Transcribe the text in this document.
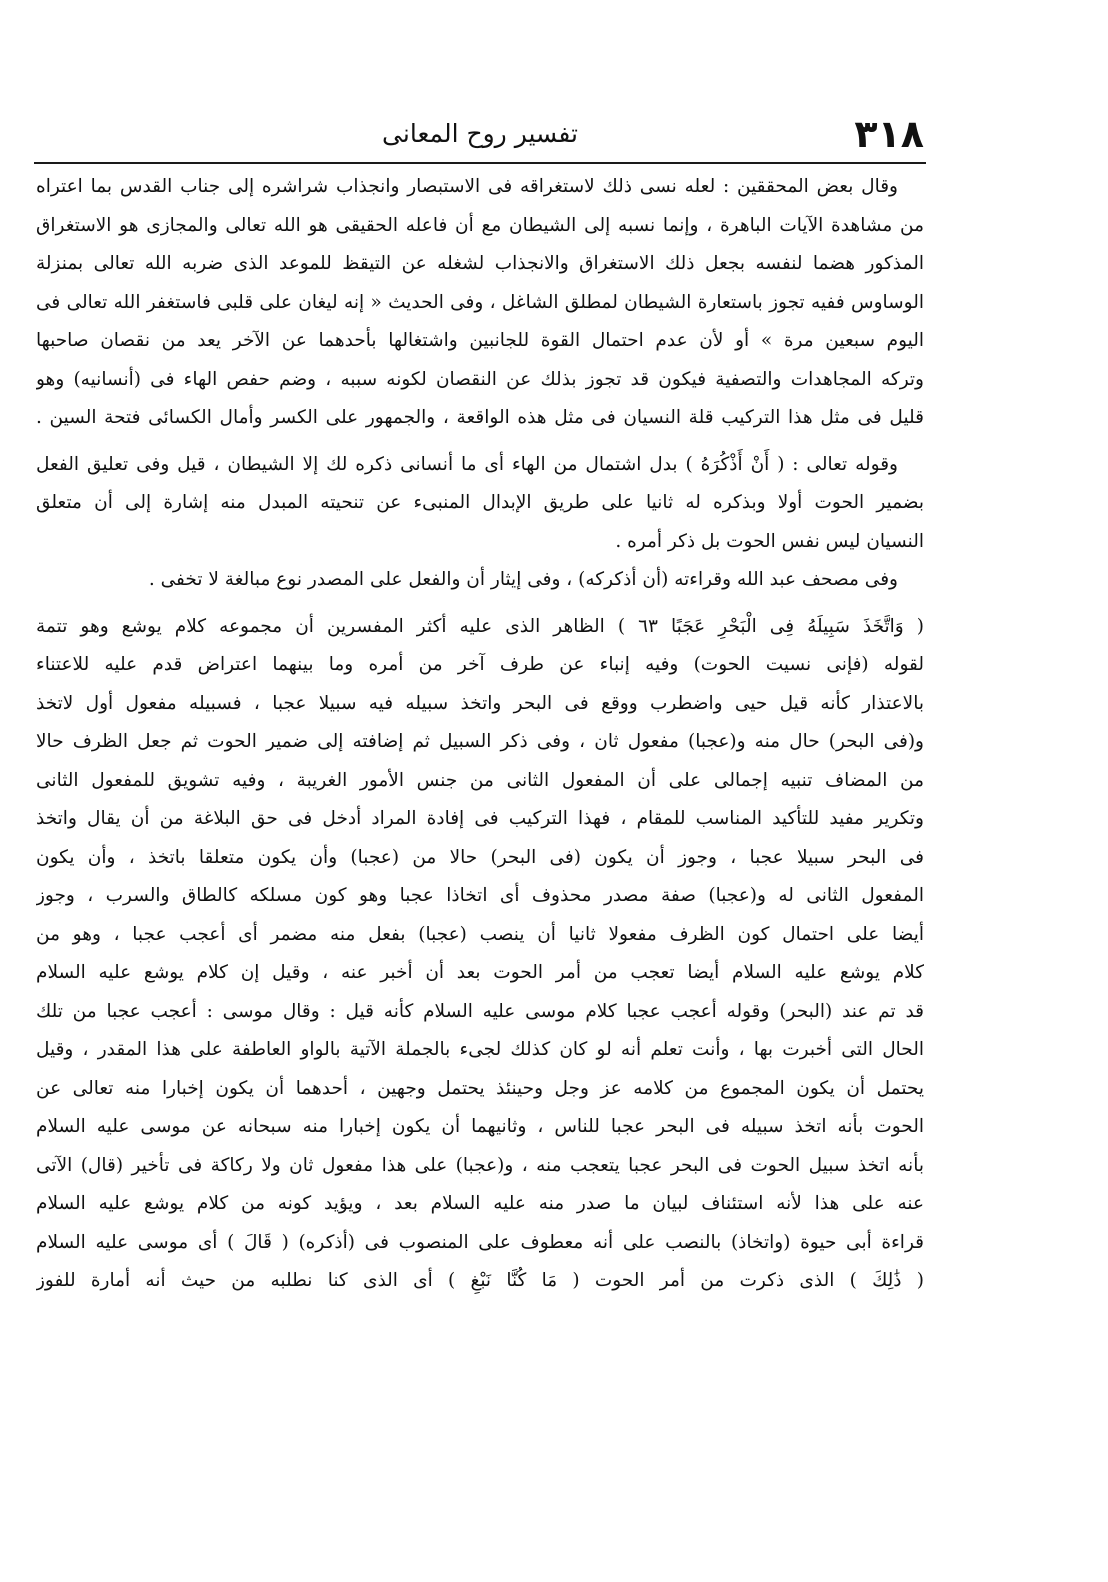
٣١٨
تفسير روح المعانى
وقال بعض المحققين : لعله نسى ذلك لاستغراقه فى الاستبصار وانجذاب شراشره إلى جناب القدس بما اعتراه
من مشاهدة الآيات الباهرة ، وإنما نسبه إلى الشيطان مع أن فاعله الحقيقى هو الله تعالى والمجازى هو الاستغراق
المذكور هضما لنفسه بجعل ذلك الاستغراق والانجذاب لشغله عن التيقظ للموعد الذى ضربه الله تعالى بمنزلة
الوساوس ففيه تجوز باستعارة الشيطان لمطلق الشاغل ، وفى الحديث « إنه ليغان على قلبى فاستغفر الله تعالى فى
اليوم سبعين مرة » أو لأن عدم احتمال القوة للجانبين واشتغالها بأحدهما عن الآخر يعد من نقصان صاحبها
وتركه المجاهدات والتصفية فيكون قد تجوز بذلك عن النقصان لكونه سببه ، وضم حفص الهاء فى (أنسانيه) وهو
قليل فى مثل هذا التركيب قلة النسيان فى مثل هذه الواقعة ، والجمهور على الكسر وأمال الكسائى فتحة السين .
وقوله تعالى : ( أَنْ أَذْكُرَهُ ) بدل اشتمال من الهاء أى ما أنسانى ذكره لك إلا الشيطان ، قيل وفى تعليق الفعل
بضمير الحوت أولا وبذكره له ثانيا على طريق الإبدال المنبىء عن تنحيته المبدل منه إشارة إلى أن متعلق
النسيان ليس نفس الحوت بل ذكر أمره .
وفى مصحف عبد الله وقراءته (أن أذكركه) ، وفى إيثار أن والفعل على المصدر نوع مبالغة لا تخفى .
( وَاتَّخَذَ سَبِيلَهُ فِى الْبَحْرِ عَجَبًا ٦٣ ) الظاهر الذى عليه أكثر المفسرين أن مجموعه كلام يوشع وهو تتمة
لقوله (فإنى نسيت الحوت) وفيه إنباء عن طرف آخر من أمره وما بينهما اعتراض قدم عليه للاعتناء
بالاعتذار كأنه قيل حيى واضطرب ووقع فى البحر واتخذ سبيله فيه سبيلا عجبا ، فسبيله مفعول أول لاتخذ
و(فى البحر) حال منه و(عجبا) مفعول ثان ، وفى ذكر السبيل ثم إضافته إلى ضمير الحوت ثم جعل الظرف حالا
من المضاف تنبيه إجمالى على أن المفعول الثانى من جنس الأمور الغريبة ، وفيه تشويق للمفعول الثانى
وتكرير مفيد للتأكيد المناسب للمقام ، فهذا التركيب فى إفادة المراد أدخل فى حق البلاغة من أن يقال واتخذ
فى البحر سبيلا عجبا ، وجوز أن يكون (فى البحر) حالا من (عجبا) وأن يكون متعلقا باتخذ ، وأن يكون
المفعول الثانى له و(عجبا) صفة مصدر محذوف أى اتخاذا عجبا وهو كون مسلكه كالطاق والسرب ، وجوز
أيضا على احتمال كون الظرف مفعولا ثانيا أن ينصب (عجبا) بفعل منه مضمر أى أعجب عجبا ، وهو من
كلام يوشع عليه السلام أيضا تعجب من أمر الحوت بعد أن أخبر عنه ، وقيل إن كلام يوشع عليه السلام
قد تم عند (البحر) وقوله أعجب عجبا كلام موسى عليه السلام كأنه قيل : وقال موسى : أعجب عجبا من تلك
الحال التى أخبرت بها ، وأنت تعلم أنه لو كان كذلك لجىء بالجملة الآتية بالواو العاطفة على هذا المقدر ، وقيل
يحتمل أن يكون المجموع من كلامه عز وجل وحينئذ يحتمل وجهين ، أحدهما أن يكون إخبارا منه تعالى عن
الحوت بأنه اتخذ سبيله فى البحر عجبا للناس ، وثانيهما أن يكون إخبارا منه سبحانه عن موسى عليه السلام
بأنه اتخذ سبيل الحوت فى البحر عجبا يتعجب منه ، و(عجبا) على هذا مفعول ثان ولا ركاكة فى تأخير (قال) الآتى
عنه على هذا لأنه استئناف لبيان ما صدر منه عليه السلام بعد ، ويؤيد كونه من كلام يوشع عليه السلام
قراءة أبى حيوة (واتخاذ) بالنصب على أنه معطوف على المنصوب فى (أذكره) ( قَالَ ) أى موسى عليه السلام
( ذَٰلِكَ ) الذى ذكرت من أمر الحوت ( مَا كُنَّا نَبْغِ ) أى الذى كنا نطلبه من حيث أنه أمارة للفوز
